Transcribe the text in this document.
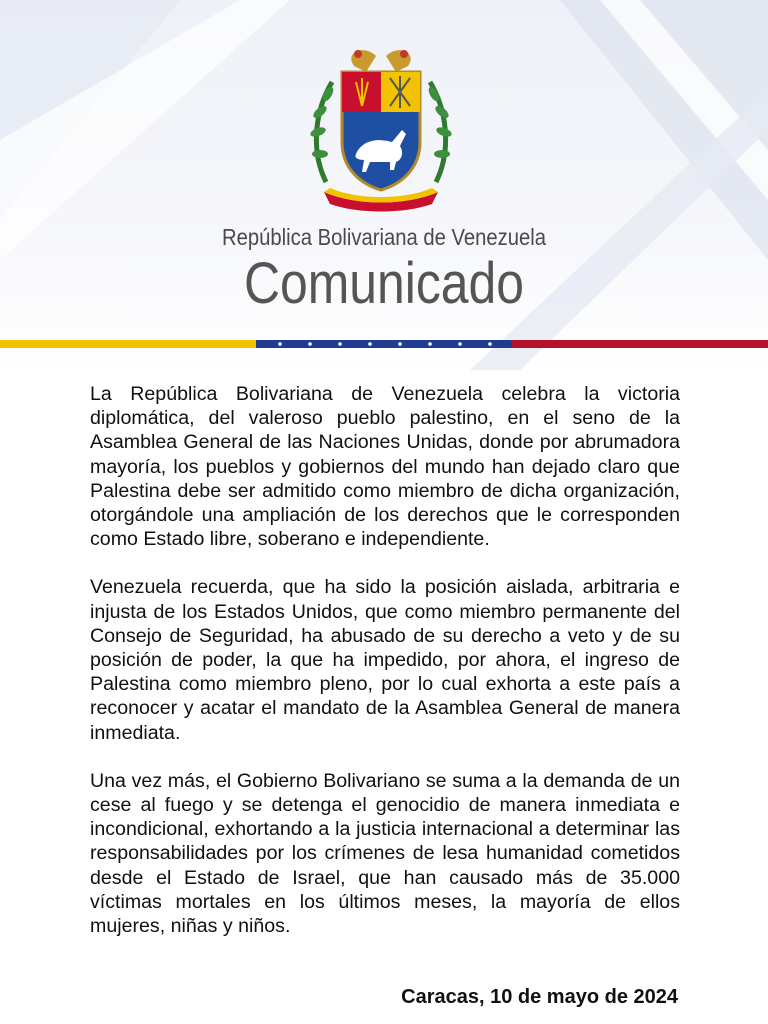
República Bolivariana de Venezuela
Comunicado

La República Bolivariana de Venezuela celebra la victoria diplomática, del valeroso pueblo palestino, en el seno de la Asamblea General de las Naciones Unidas, donde por abrumadora mayoría, los pueblos y gobiernos del mundo han dejado claro que Palestina debe ser admitido como miembro de dicha organización, otorgándole una ampliación de los derechos que le corresponden como Estado libre, soberano e independiente.

Venezuela recuerda, que ha sido la posición aislada, arbitraria e injusta de los Estados Unidos, que como miembro permanente del Consejo de Seguridad, ha abusado de su derecho a veto y de su posición de poder, la que ha impedido, por ahora, el ingreso de Palestina como miembro pleno, por lo cual exhorta a este país a reconocer y acatar el mandato de la Asamblea General de manera inmediata.

Una vez más, el Gobierno Bolivariano se suma a la demanda de un cese al fuego y se detenga el genocidio de manera inmediata e incondicional, exhortando a la justicia internacional a determinar las responsabilidades por los crímenes de lesa humanidad cometidos desde el Estado de Israel, que han causado más de 35.000 víctimas mortales en los últimos meses, la mayoría de ellos mujeres, niñas y niños.

Caracas, 10 de mayo de 2024
